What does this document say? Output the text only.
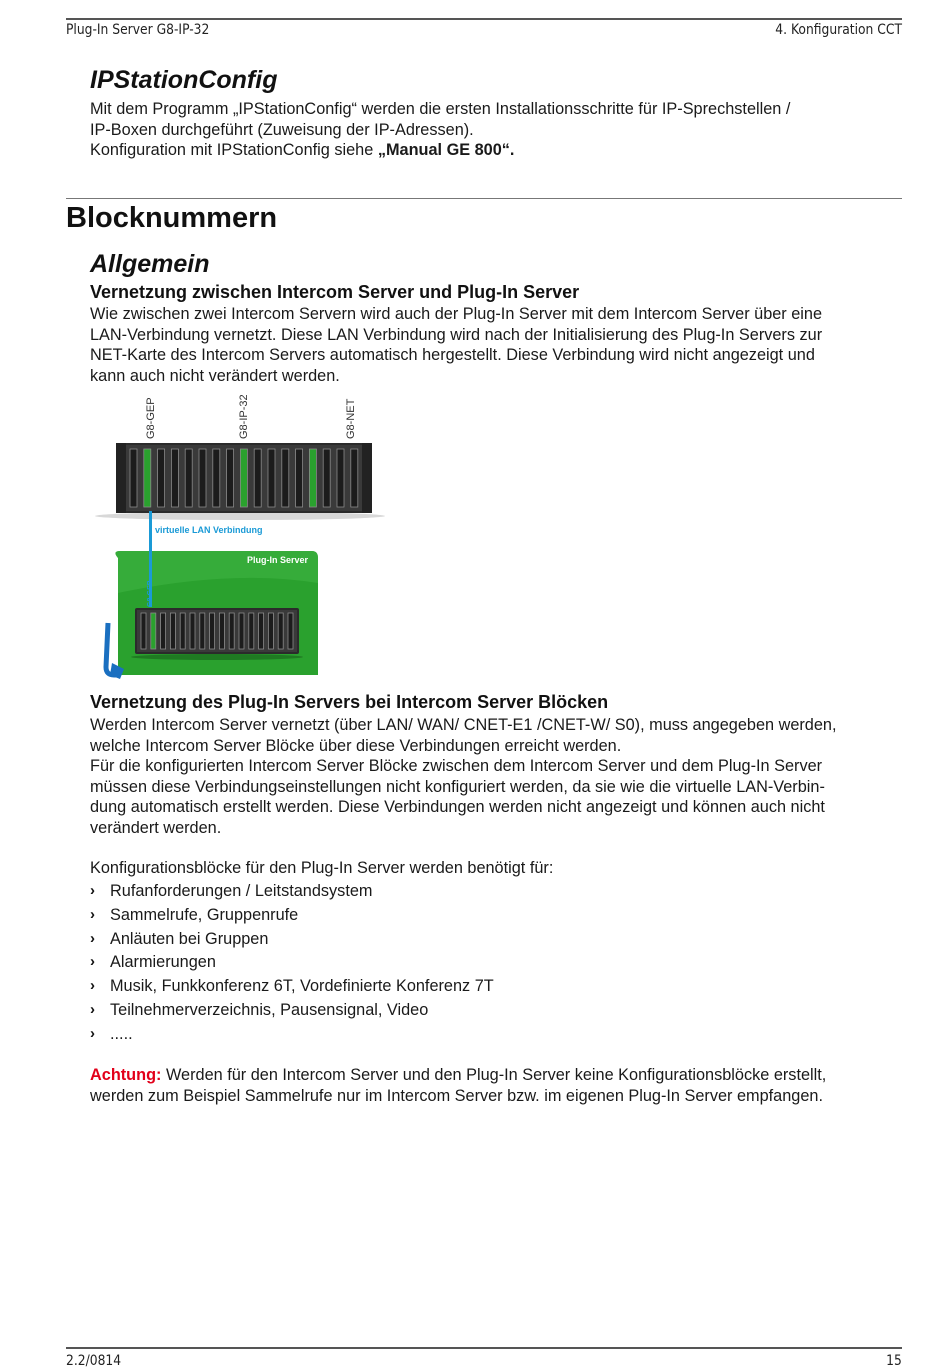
Plug-In Server G8-IP-32	4. Konfiguration CCT
IPStationConfig

Mit dem Programm „IPStationConfig“ werden die ersten Installationsschritte für IP-Sprechstellen /

IP-Boxen durchgeführt (Zuweisung der IP-Adressen).

Konfiguration mit IPStationConfig siehe „Manual GE 800“.

Blocknummern
Allgemein
Vernetzung zwischen Intercom Server und Plug-In Server

Wie zwischen zwei Intercom Servern wird auch der Plug-In Server mit dem Intercom Server über eine

LAN-Verbindung vernetzt. Diese LAN Verbindung wird nach der Initialisierung des Plug-In Servers zur

NET-Karte des Intercom Servers automatisch hergestellt. Diese Verbindung wird nicht angezeigt und

kann auch nicht verändert werden.

G8-GEP	G8-IP-32	G8-NET
virtuelle LAN Verbindung
Plug-In Server
G8-GEP
Vernetzung des Plug-In Servers bei Intercom Server Blöcken

Werden Intercom Server vernetzt (über LAN/ WAN/ CNET-E1 /CNET-W/ S0), muss angegeben werden,

welche Intercom Server Blöcke über diese Verbindungen erreicht werden.

Für die konfigurierten Intercom Server Blöcke zwischen dem Intercom Server und dem Plug-In Server

müssen diese Verbindungseinstellungen nicht konfiguriert werden, da sie wie die virtuelle LAN-Verbin-

dung automatisch erstellt werden. Diese Verbindungen werden nicht angezeigt und können auch nicht

verändert werden.

Konfigurationsblöcke für den Plug-In Server werden benötigt für:

› Rufanforderungen / Leitstandsystem
› Sammelrufe, Gruppenrufe
› Anläuten bei Gruppen
› Alarmierungen
› Musik, Funkkonferenz 6T, Vordefinierte Konferenz 7T
› Teilnehmerverzeichnis, Pausensignal, Video
› .....

Achtung: Werden für den Intercom Server und den Plug-In Server keine Konfigurationsblöcke erstellt,

werden zum Beispiel Sammelrufe nur im Intercom Server bzw. im eigenen Plug-In Server empfangen.

2.2/0814	15
